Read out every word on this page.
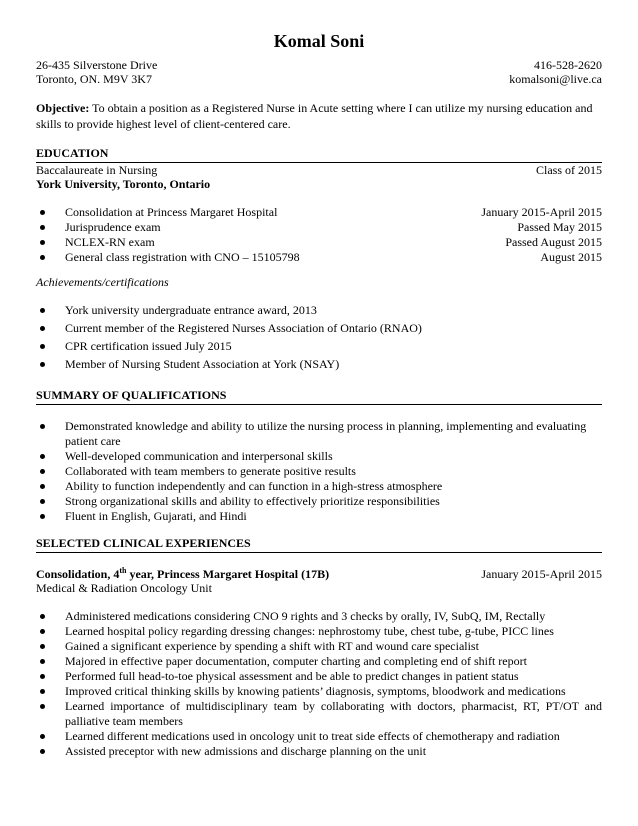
Komal Soni
26-435 Silverstone Drive
Toronto, ON. M9V 3K7
416-528-2620
komalsoni@live.ca
Objective: To obtain a position as a Registered Nurse in Acute setting where I can utilize my nursing education and skills to provide highest level of client-centered care.
EDUCATION
Baccalaureate in Nursing	Class of 2015
York University, Toronto, Ontario
Consolidation at Princess Margaret Hospital	January 2015-April 2015
Jurisprudence exam	Passed May 2015
NCLEX-RN exam	Passed August 2015
General class registration with CNO – 15105798	August 2015
Achievements/certifications
York university undergraduate entrance award, 2013
Current member of the Registered Nurses Association of Ontario (RNAO)
CPR certification issued July 2015
Member of Nursing Student Association at York (NSAY)
SUMMARY OF QUALIFICATIONS
Demonstrated knowledge and ability to utilize the nursing process in planning, implementing and evaluating patient care
Well-developed communication and interpersonal skills
Collaborated with team members to generate positive results
Ability to function independently and can function in a high-stress atmosphere
Strong organizational skills and ability to effectively prioritize responsibilities
Fluent in English, Gujarati, and Hindi
SELECTED CLINICAL EXPERIENCES
Consolidation, 4th year, Princess Margaret Hospital (17B)	January 2015-April 2015
Medical & Radiation Oncology Unit
Administered medications considering CNO 9 rights and 3 checks by orally, IV, SubQ, IM, Rectally
Learned hospital policy regarding dressing changes: nephrostomy tube, chest tube, g-tube, PICC lines
Gained a significant experience by spending a shift with RT and wound care specialist
Majored in effective paper documentation, computer charting and completing end of shift report
Performed full head-to-toe physical assessment and be able to predict changes in patient status
Improved critical thinking skills by knowing patients’ diagnosis, symptoms, bloodwork and medications
Learned importance of multidisciplinary team by collaborating with doctors, pharmacist, RT, PT/OT and palliative team members
Learned different medications used in oncology unit to treat side effects of chemotherapy and radiation
Assisted preceptor with new admissions and discharge planning on the unit
